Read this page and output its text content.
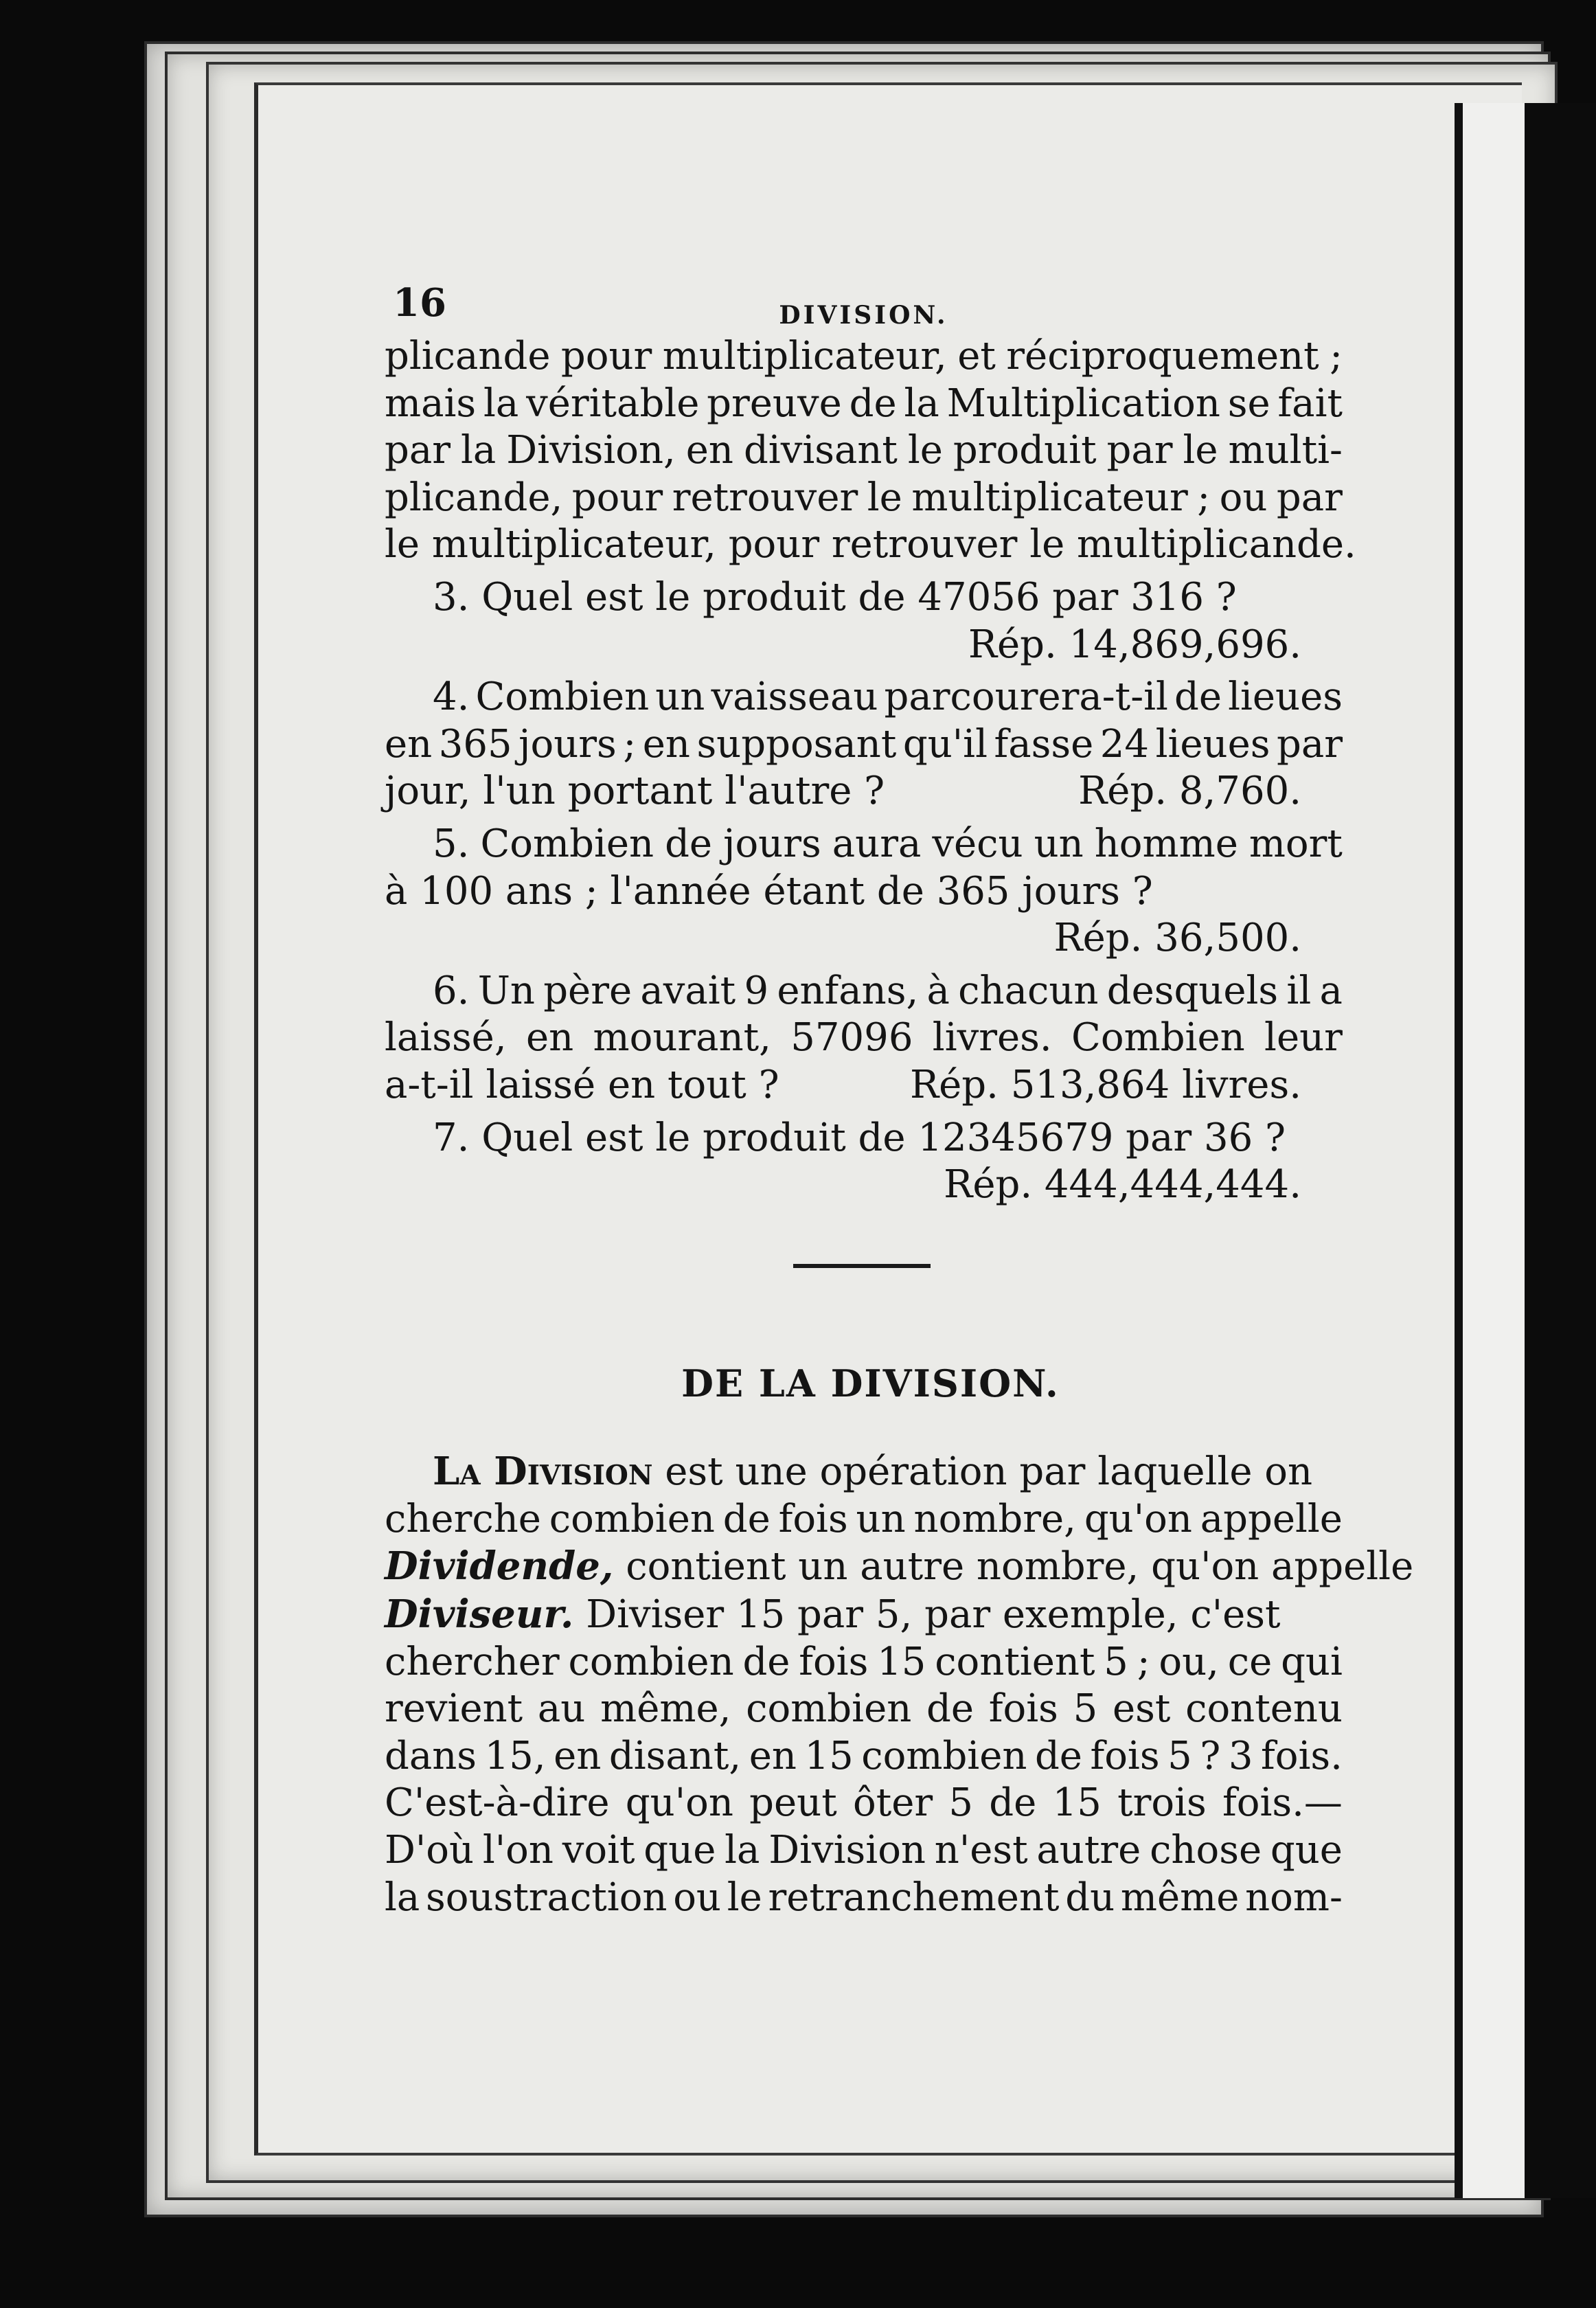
16	DIVISION.
plicande pour multiplicateur, et réciproquement ;
mais la véritable preuve de la Multiplication se fait
par la Division, en divisant le produit par le multi-
plicande, pour retrouver le multiplicateur ; ou par
le multiplicateur, pour retrouver le multiplicande.
3. Quel est le produit de 47056 par 316 ?
Rép. 14,869,696.
4. Combien un vaisseau parcourera-t-il de lieues
en 365 jours ; en supposant qu'il fasse 24 lieues par
jour, l'un portant l'autre ?	Rép. 8,760.
5. Combien de jours aura vécu un homme mort
à 100 ans ; l'année étant de 365 jours ?
Rép. 36,500.
6. Un père avait 9 enfans, à chacun desquels il a
laissé, en mourant, 57096 livres. Combien leur
a-t-il laissé en tout ?	Rép. 513,864 livres.
7. Quel est le produit de 12345679 par 36 ?
Rép. 444,444,444.
DE LA DIVISION.
La Division est une opération par laquelle on
cherche combien de fois un nombre, qu'on appelle
Dividende, contient un autre nombre, qu'on appelle
Diviseur. Diviser 15 par 5, par exemple, c'est
chercher combien de fois 15 contient 5 ; ou, ce qui
revient au même, combien de fois 5 est contenu
dans 15, en disant, en 15 combien de fois 5 ? 3 fois.
C'est-à-dire qu'on peut ôter 5 de 15 trois fois.—
D'où l'on voit que la Division n'est autre chose que
la soustraction ou le retranchement du même nom-
